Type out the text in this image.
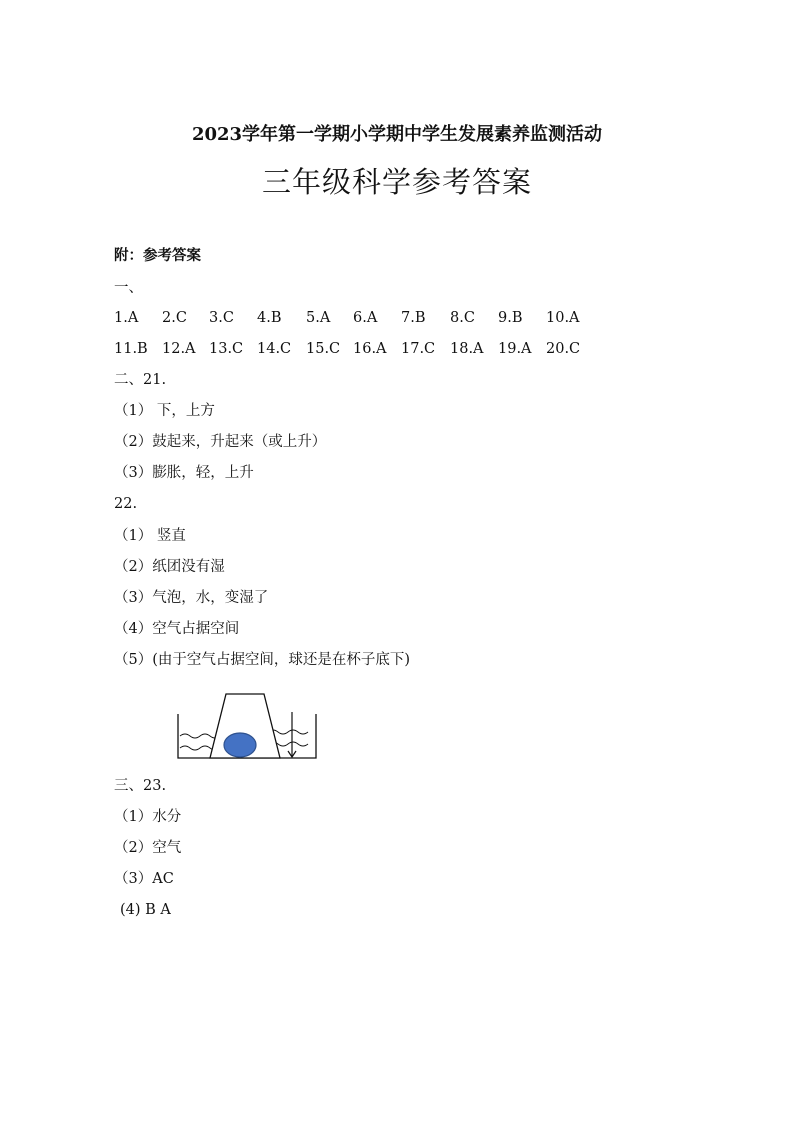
2023学年第一学期小学期中学生发展素养监测活动
三年级科学参考答案
附：参考答案
一、
1.A 2.C 3.C 4.B 5.A 6.A 7.B 8.C 9.B 10.A
11.B 12.A 13.C 14.C 15.C 16.A 17.C 18.A 19.A 20.C
二、21.
（1） 下，上方
（2）鼓起来，升起来（或上升）
（3）膨胀，轻，上升
22.
（1） 竖直
（2）纸团没有湿
（3）气泡，水，变湿了
（4）空气占据空间
（5）(由于空气占据空间，球还是在杯子底下)
三、23.
（1）水分
（2）空气
（3）AC
(4) B A
